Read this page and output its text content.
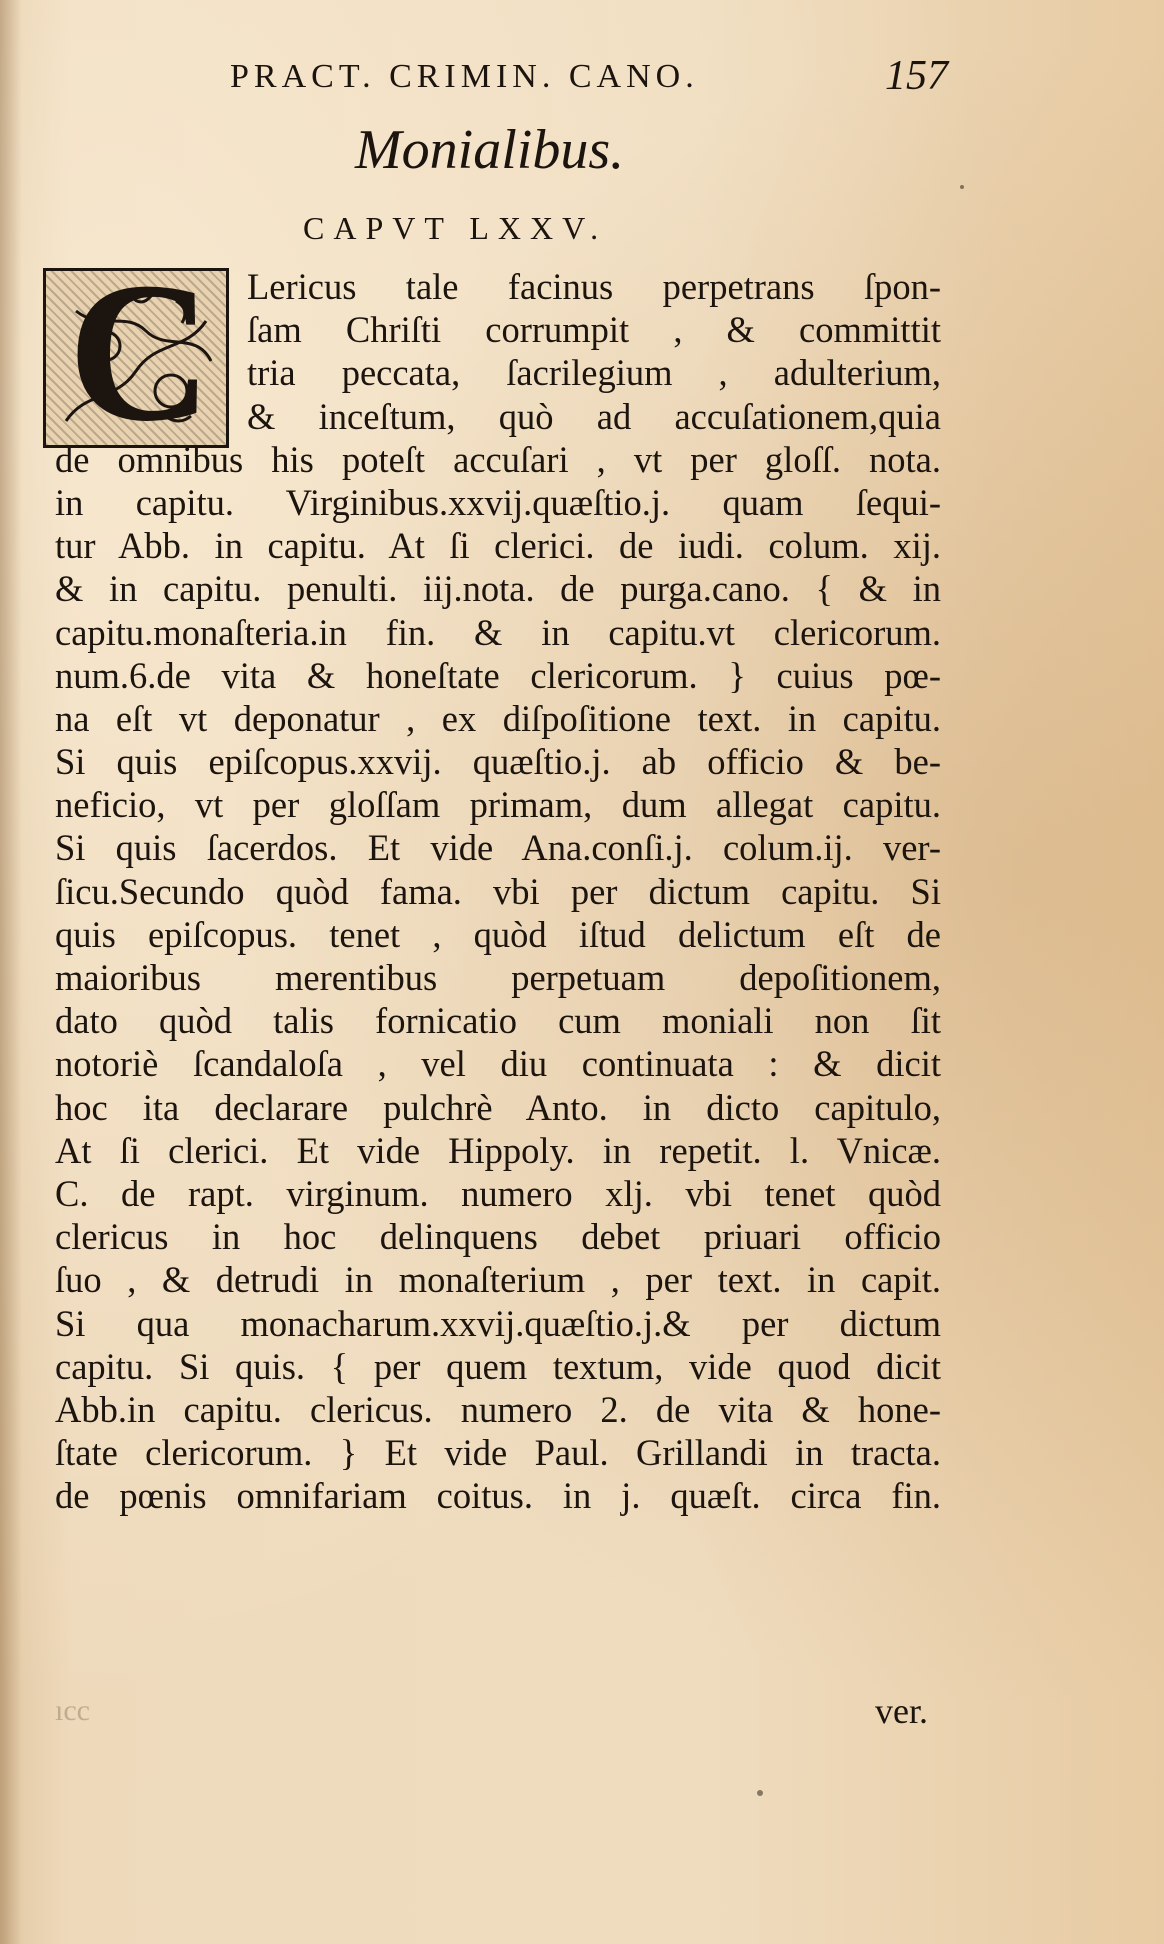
PRACT. CRIMIN. CANO.	157
Monialibus.
CAPVT LXXV.
C Lericus tale facinus perpetrans ſpon-
ſam Chriſti corrumpit , & committit
tria peccata, ſacrilegium , adulterium,
& inceſtum, quò ad accuſationem,quia
de omnibus his poteſt accuſari , vt per gloſſ. nota.
in capitu. Virginibus.xxvij.quæſtio.j. quam ſequi-
tur Abb. in capitu. At ſi clerici. de iudi. colum. xij.
& in capitu. penulti. iij.nota. de purga.cano. { & in
capitu.monaſteria.in fin. & in capitu.vt clericorum.
num.6.de vita & honeſtate clericorum. } cuius pœ-
na eſt vt deponatur , ex diſpoſitione text. in capitu.
Si quis epiſcopus.xxvij. quæſtio.j. ab officio & be-
neficio, vt per gloſſam primam, dum allegat capitu.
Si quis ſacerdos. Et vide Ana.conſi.j. colum.ij. ver-
ſicu.Secundo quòd fama. vbi per dictum capitu. Si
quis epiſcopus. tenet , quòd iſtud delictum eſt de
maioribus merentibus perpetuam depoſitionem,
dato quòd talis fornicatio cum moniali non ſit
notoriè ſcandaloſa , vel diu continuata : & dicit
hoc ita declarare pulchrè Anto. in dicto capitulo,
At ſi clerici. Et vide Hippoly. in repetit. l. Vnicæ.
C. de rapt. virginum. numero xlj. vbi tenet quòd
clericus in hoc delinquens debet priuari officio
ſuo , & detrudi in monaſterium , per text. in capit.
Si qua monacharum.xxvij.quæſtio.j.& per dictum
capitu. Si quis. { per quem textum, vide quod dicit
Abb.in capitu. clericus. numero 2. de vita & hone-
ſtate clericorum. } Et vide Paul. Grillandi in tracta.
de pœnis omnifariam coitus. in j. quæſt. circa fin.
ıcc	ver.
